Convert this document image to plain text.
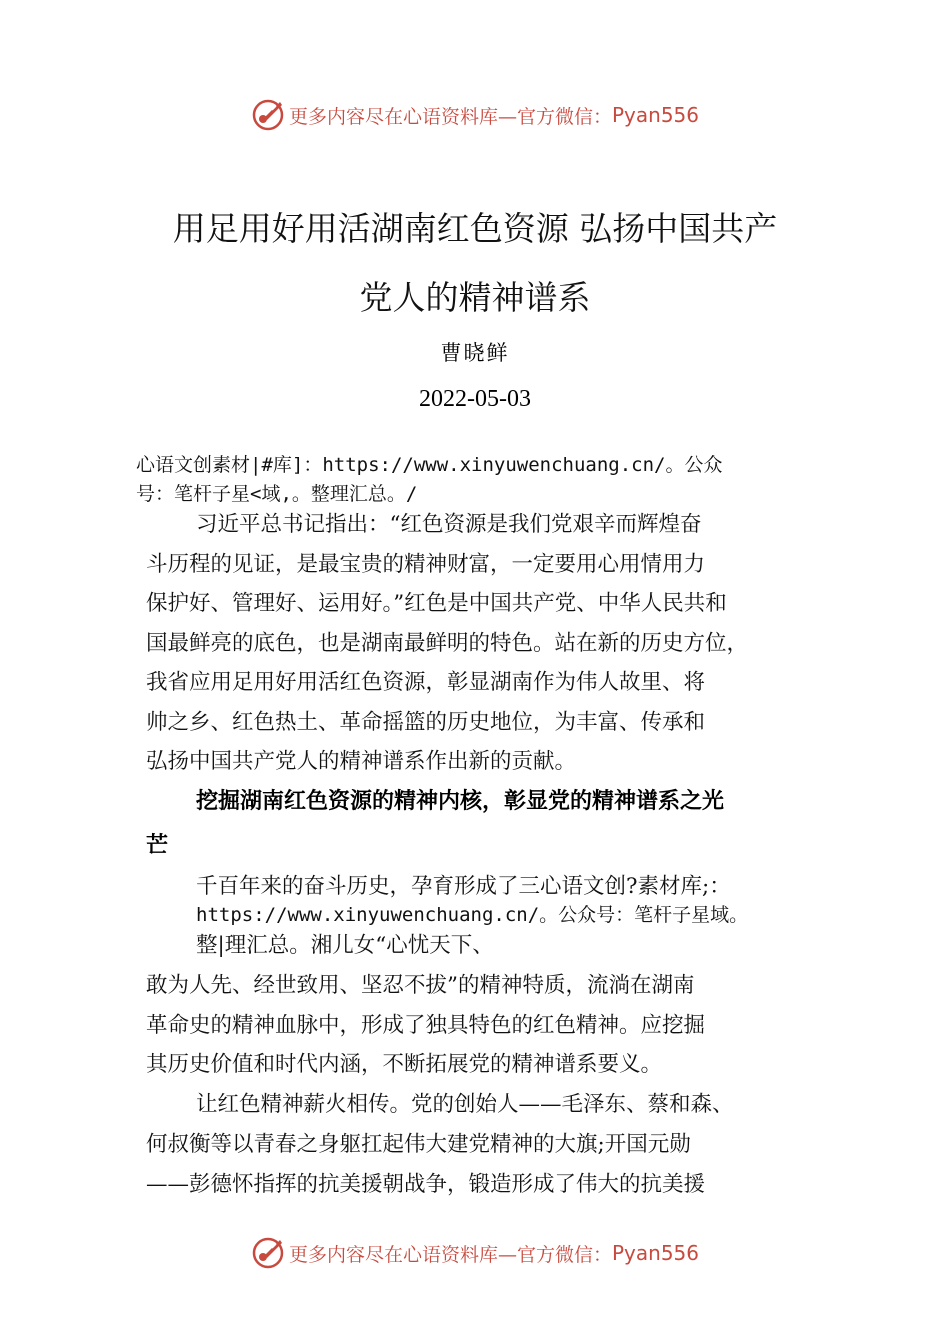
更多内容尽在心语资料库—官方微信： Pyan556
用足用好用活湖南红色资源 弘扬中国共产
党人的精神谱系
曹晓鲜
2022-05-03
心语文创素材|#库]：https://www.xinyuwenchuang.cn/。公众
号：笔杆子星<域,。整理汇总。/
习近平总书记指出：“红色资源是我们党艰辛而辉煌奋
斗历程的见证，是最宝贵的精神财富，一定要用心用情用力
保护好、管理好、运用好。”红色是中国共产党、中华人民共和
国最鲜亮的底色，也是湖南最鲜明的特色。站在新的历史方位，
我省应用足用好用活红色资源，彰显湖南作为伟人故里、将
帅之乡、红色热土、革命摇篮的历史地位，为丰富、传承和
弘扬中国共产党人的精神谱系作出新的贡献。
挖掘湖南红色资源的精神内核，彰显党的精神谱系之光
芒
千百年来的奋斗历史，孕育形成了三心语文创?素材库;：
https://www.xinyuwenchuang.cn/。公众号：笔杆子星域。
整|理汇总。湘儿女“心忧天下、
敢为人先、经世致用、坚忍不拔”的精神特质，流淌在湖南
革命史的精神血脉中，形成了独具特色的红色精神。应挖掘
其历史价值和时代内涵，不断拓展党的精神谱系要义。
让红色精神薪火相传。党的创始人——毛泽东、蔡和森、
何叔衡等以青春之身躯扛起伟大建党精神的大旗;开国元勋
——彭德怀指挥的抗美援朝战争，锻造形成了伟大的抗美援
更多内容尽在心语资料库—官方微信： Pyan556
